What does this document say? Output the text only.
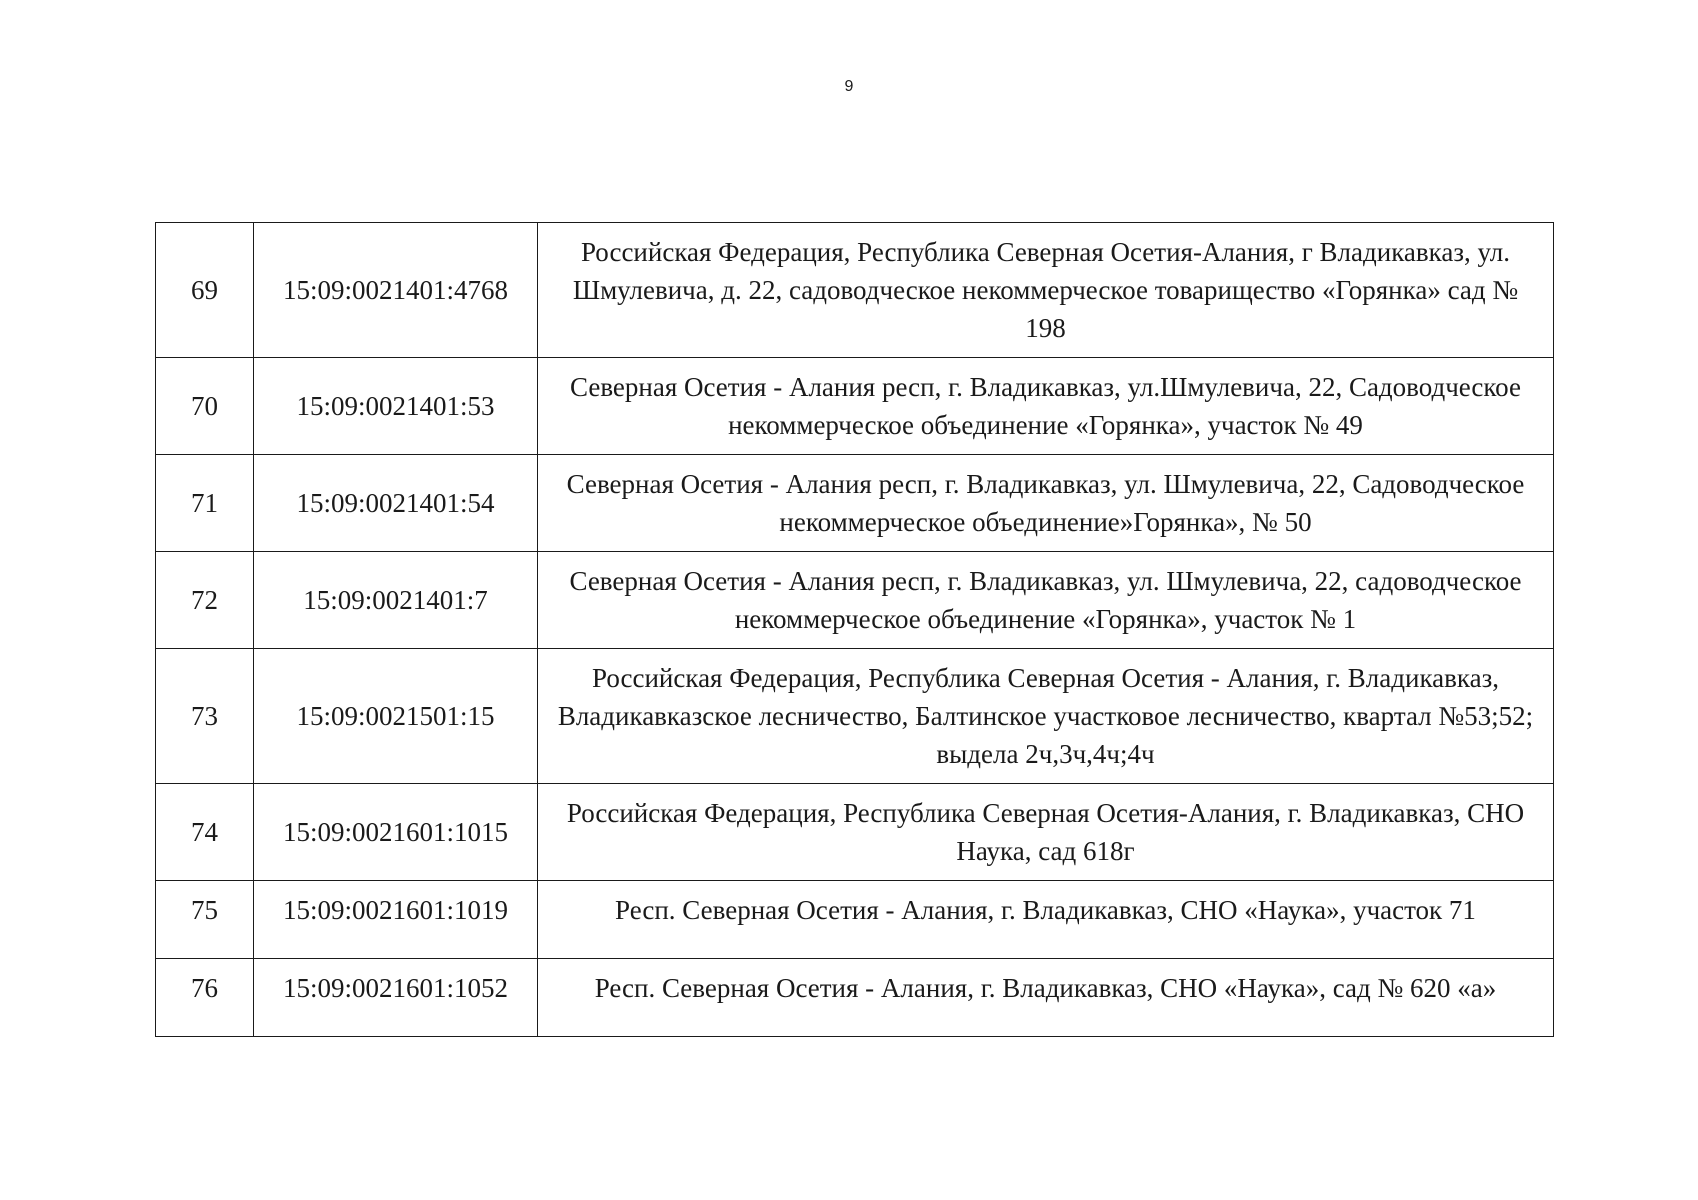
9
69	15:09:0021401:4768	Российская Федерация, Республика Северная Осетия-Алания, г Владикавказ, ул. Шмулевича, д. 22, садоводческое некоммерческое товарищество «Горянка» сад № 198
70	15:09:0021401:53	Северная Осетия - Алания респ, г. Владикавказ, ул.Шмулевича, 22, Садоводческое некоммерческое объединение «Горянка», участок № 49
71	15:09:0021401:54	Северная Осетия - Алания респ, г. Владикавказ, ул. Шмулевича, 22, Садоводческое некоммерческое объединение»Горянка», № 50
72	15:09:0021401:7	Северная Осетия - Алания респ, г. Владикавказ, ул. Шмулевича, 22, садоводческое некоммерческое объединение «Горянка», участок № 1
73	15:09:0021501:15	Российская Федерация, Республика Северная Осетия - Алания, г. Владикавказ, Владикавказское лесничество, Балтинское участковое лесничество, квартал №53;52; выдела 2ч,3ч,4ч;4ч
74	15:09:0021601:1015	Российская Федерация, Республика Северная Осетия-Алания, г. Владикавказ, СНО Наука, сад 618г
75	15:09:0021601:1019	Респ. Северная Осетия - Алания, г. Владикавказ, СНО «Наука», участок 71
76	15:09:0021601:1052	Респ. Северная Осетия - Алания, г. Владикавказ, СНО «Наука», сад № 620 «а»
